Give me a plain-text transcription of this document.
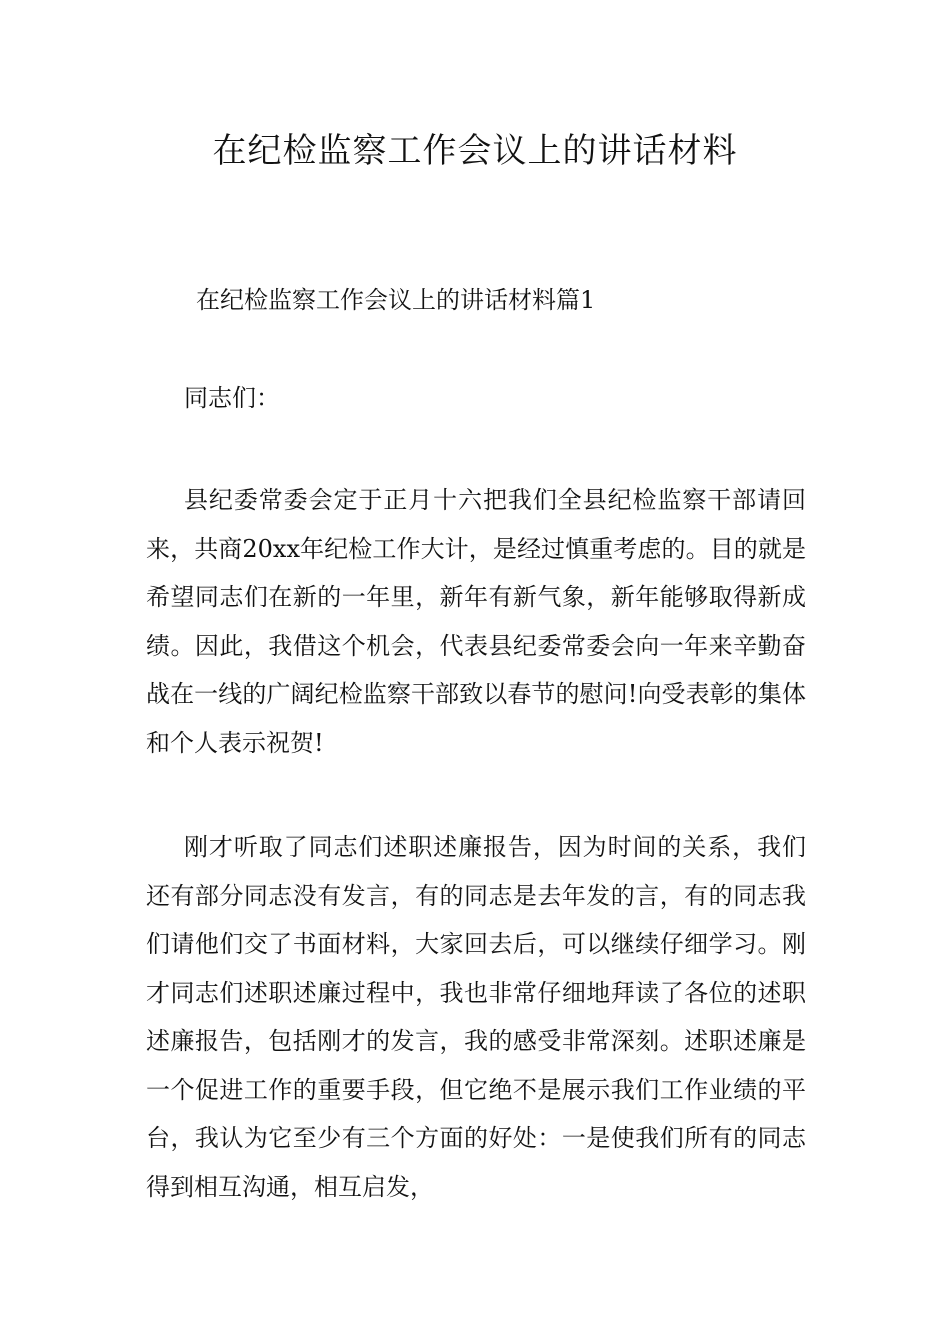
在纪检监察工作会议上的讲话材料

在纪检监察工作会议上的讲话材料篇1

同志们：

县纪委常委会定于正月十六把我们全县纪检监察干部请回来，共商20xx年纪检工作大计，是经过慎重考虑的。目的就是希望同志们在新的一年里，新年有新气象，新年能够取得新成绩。因此，我借这个机会，代表县纪委常委会向一年来辛勤奋战在一线的广阔纪检监察干部致以春节的慰问!向受表彰的集体和个人表示祝贺!

刚才听取了同志们述职述廉报告，因为时间的关系，我们还有部分同志没有发言，有的同志是去年发的言，有的同志我们请他们交了书面材料，大家回去后，可以继续仔细学习。刚才同志们述职述廉过程中，我也非常仔细地拜读了各位的述职述廉报告，包括刚才的发言，我的感受非常深刻。述职述廉是一个促进工作的重要手段，但它绝不是展示我们工作业绩的平台，我认为它至少有三个方面的好处：一是使我们所有的同志得到相互沟通，相互启发，
